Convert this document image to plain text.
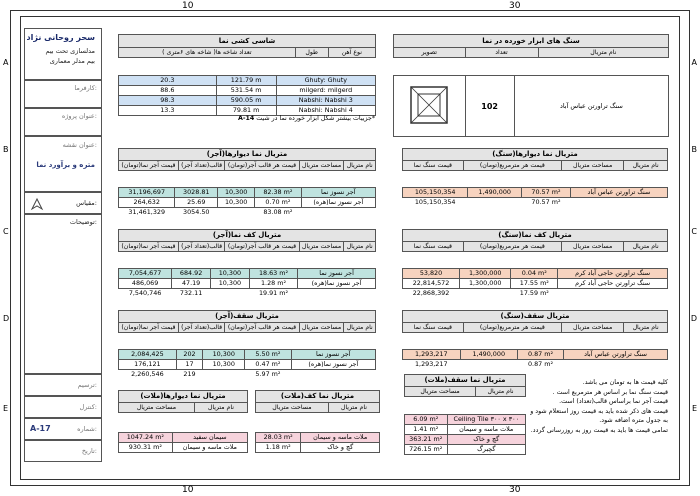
10	30
10	30
A
B
C
D
E
A
B
C
D
E
سحر روحانی نژاد
مدلسازی تحت بیم
بیم مدلر معماری
کارفرما:
عنوان پروژه:
عنوان نقشه:
متره و برآورد نما
مقیاس:
توضیحات:
ترسیم:
کنترل:
شماره:
A-17
تاریخ:
شاسی کشی نما
تعداد شاخه ها( شاخه های ۶متری )	طول	نوع آهن
20.3	121.79 m	Ghuty: Ghuty
88.6	531.54 m	milgerd: milgerd
98.3	590.05 m	Nabshi: Nabshi 3
13.3	79.81 m	Nabshi: Nabshi 4
*جزییات بیشتر شکل ابزار خورده نما در شیت A-14
سنگ های ابزار خورده در نما
تصویر	تعداد	نام متریال
	102	سنگ تراورتن عباس آباد
متریال نما دیوارها(آجر)
قیمت آجر نما(تومان)	قالب(تعداد آجر)	قیمت هر قالب آجر(تومان)	مساحت متریال	نام متریال
31,196,697	3028.81	10,300	82.38 m²	آجر نسوز نما
264,632	25.69	10,300	0.70 m²	آجر نسوز نما(هره)
31,461,329	3054.50		83.08 m²	
متریال نما دیوارها(سنگ)
قیمت سنگ نما	قیمت هر مترمربع(تومان)	مساحت متریال	نام متریال
105,150,354	1,490,000	70.57 m²	سنگ تراورتن عباس آباد
105,150,354		70.57 m²	
متریال کف نما(آجر)
قیمت آجر نما(تومان)	قالب(تعداد آجر)	قیمت هر قالب آجر(تومان)	مساحت متریال	نام متریال
7,054,677	684.92	10,300	18.63 m²	آجر نسوز نما
486,069	47.19	10,300	1.28 m²	آجر نسوز نما(هره)
7,540,746	732.11		19.91 m²	
متریال کف نما(سنگ)
قیمت سنگ نما	قیمت هر مترمربع(تومان)	مساحت متریال	نام متریال
53,820	1,300,000	0.04 m²	سنگ تراورتن حاجی آباد کرم
22,814,572	1,300,000	17.55 m²	سنگ تراورتن حاجی آباد کرم
22,868,392		17.59 m²	
متریال سقف(آجر)
قیمت آجر نما(تومان)	قالب(تعداد آجر)	قیمت هر قالب آجر(تومان)	مساحت متریال	نام متریال
2,084,425	202	10,300	5.50 m²	آجر نسوز نما
176,121	17	10,300	0.47 m²	آجر نسوز نما(هره)
2,260,546	219		5.97 m²	
متریال سقف(سنگ)
قیمت سنگ نما	قیمت هر مترمربع(تومان)	مساحت متریال	نام متریال
1,293,217	1,490,000	0.87 m²	سنگ تراورتن عباس آباد
1,293,217		0.87 m²	
متریال نما دیوارها(ملات)
مساحت متریال	نام متریال
1047.24 m²	سیمان سفید
930.31 m²	ملات ماسه و سیمان
متریال نما کف(ملات)
مساحت متریال	نام متریال
28.03 m²	ملات ماسه و سیمان
1.18 m²	گچ و خاک
متریال نما سقف(ملات)
مساحت متریال	نام متریال
6.09 m²	Ceiling Tile ۳۰۰ x ۳۰۰
1.41 m²	ملات ماسه و سیمان
363.21 m²	گچ و خاک
726.15 m²	گچبرگ
کلیه قیمت ها به تومان می باشد.
قیمت سنگ نما بر اساس هر مترمربع است .
قیمت آجر نما براساس قالب(تعداد) است.
قیمت های ذکر شده باید به قیمت روز استعلام شود و به جدول متره اضافه شود.
تمامی قیمت ها باید به قیمت روز به روزرسانی گردد.
